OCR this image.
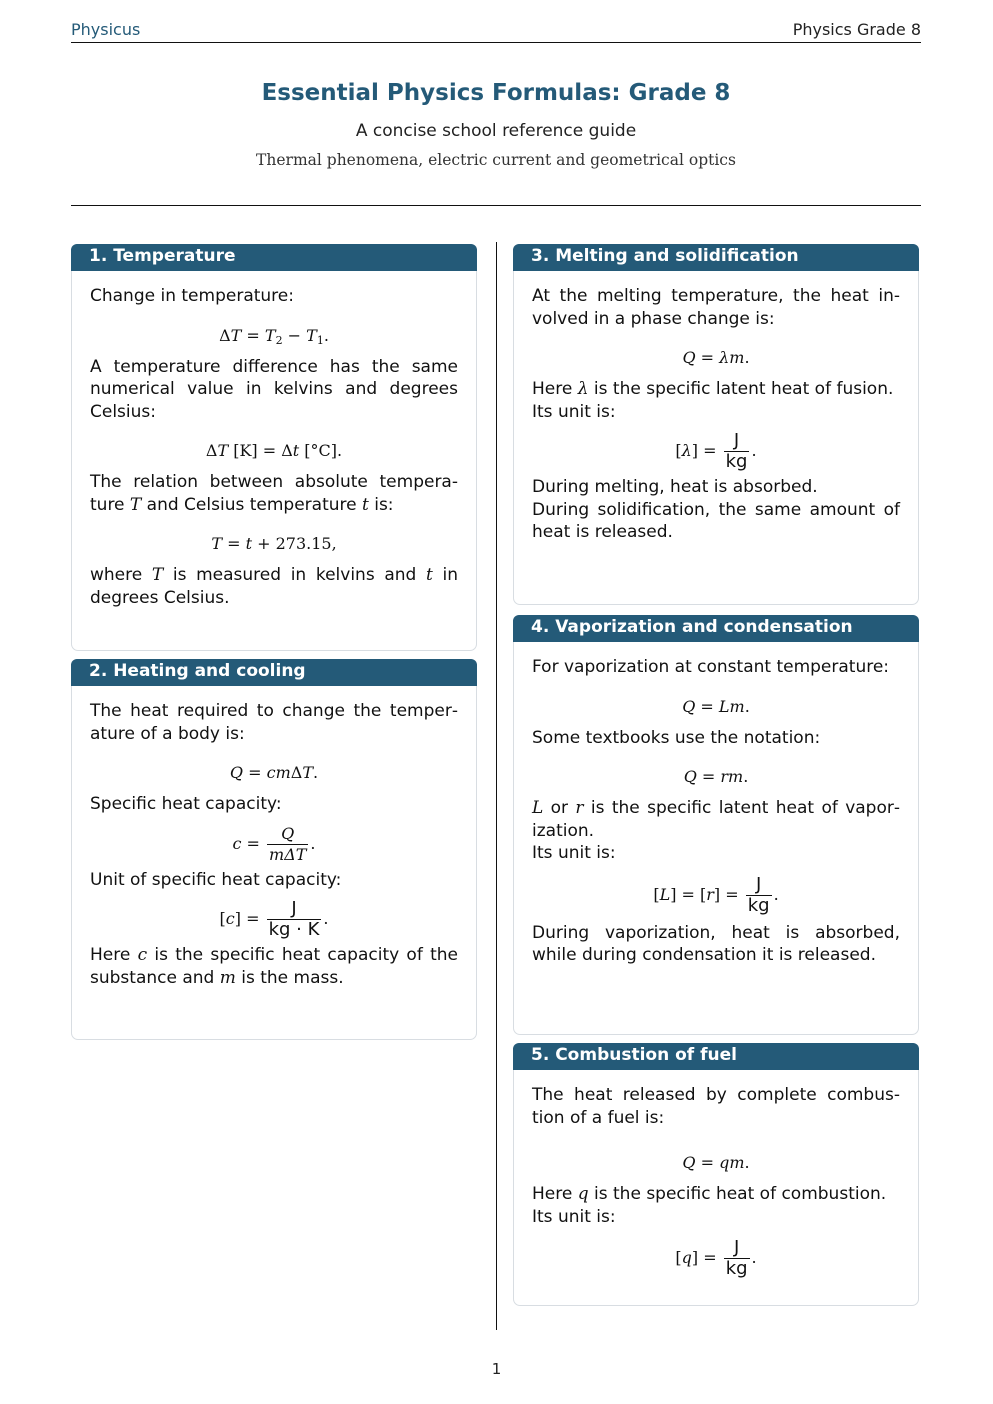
Physicus	Physics Grade 8
Essential Physics Formulas: Grade 8
A concise school reference guide
Thermal phenomena, electric current and geometrical optics
1. Temperature

Change in temperature:

$\Delta T = T_2 - T_1$.

A temperature difference has the same numerical value in kelvins and degrees Celsius:

ΔT [K] = Δt [°C].

The relation between absolute temperature T and Celsius temperature t is:

T = t + 273.15,

where T is measured in kelvins and t in degrees Celsius.

2. Heating and cooling

The heat required to change the temperature of a body is:

Q = cmΔT.

Specific heat capacity:

$c = \frac{Q}{\text{mΔT}}$ .

Unit of specific heat capacity:

$[c] = \frac{J}{kg \cdot K}$ .

Here c is the specific heat capacity of the substance and m is the mass.

3. Melting and solidification

At the melting temperature, the heat involved in a phase change is:

Q = λm.

Here λ is the specific latent heat of fusion.

Its unit is:

$[\lambda] = \frac{J}{kg}$ .

During melting, heat is absorbed.

During solidification, the same amount of heat is released.

4. Vaporization and condensation

For vaporization at constant temperature:

Q = Lm.

Some textbooks use the notation:

Q = rm.

L or r is the specific latent heat of vaporization.

Its unit is:

$[L] = [r] = \frac{J}{kg}$ .

During vaporization, heat is absorbed, while during condensation it is released.

5. Combustion of fuel

The heat released by complete combustion of a fuel is:

Q = qm.

Here q is the specific heat of combustion.

Its unit is:

$[q] = \frac{J}{kg}$ .
1
